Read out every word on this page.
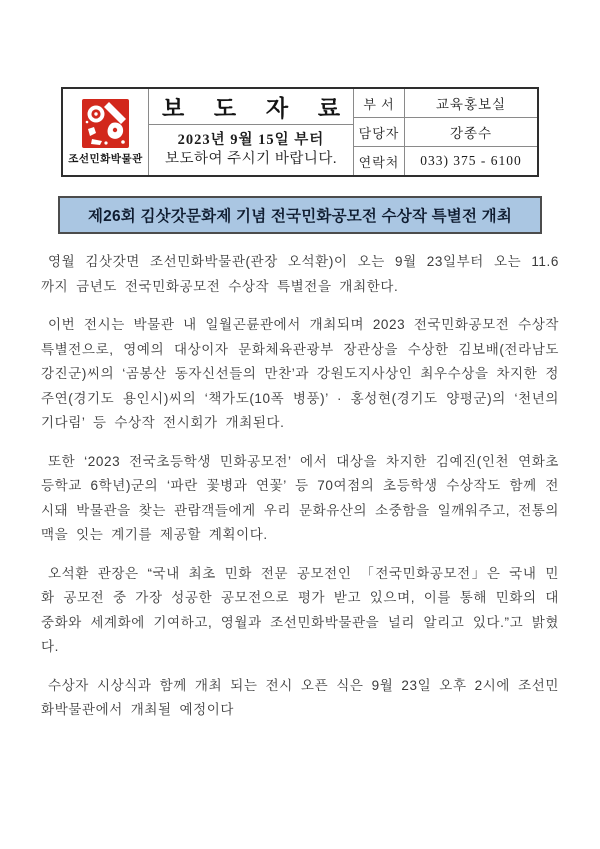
조선민화박물관
보 도 자 료
2023년 9월 15일 부터
보도하여 주시기 바랍니다.
부 서	교육홍보실
담당자	강종수
연락처	033) 375 - 6100
제26회 김삿갓문화제 기념 전국민화공모전 수상작 특별전 개최

영월 김삿갓면 조선민화박물관(관장 오석환)이 오는 9월 23일부터 오는 11.6 까지 금년도 전국민화공모전 수상작 특별전을 개최한다.

이번 전시는 박물관 내 일월곤륜관에서 개최되며 2023 전국민화공모전 수상작 특별전으로, 영예의 대상이자 문화체육관광부 장관상을 수상한 김보배(전라남도 강진군)씨의 ‘곰봉산 동자신선들의 만찬’과 강원도지사상인 최우수상을 차지한 정주연(경기도 용인시)씨의 ‘책가도(10폭 병풍)’ · 홍성현(경기도 양평군)의 ‘천년의 기다림’ 등 수상작 전시회가 개최된다.

또한 ‘2023 전국초등학생 민화공모전’ 에서 대상을 차지한 김예진(인천 연화초등학교 6학년)군의 ‘파란 꽃병과 연꽃’ 등 70여점의 초등학생 수상작도 함께 전시돼 박물관을 찾는 관람객들에게 우리 문화유산의 소중함을 일깨워주고, 전통의 맥을 잇는 계기를 제공할 계획이다.

오석환 관장은 “국내 최초 민화 전문 공모전인 「전국민화공모전」은 국내 민화 공모전 중 가장 성공한 공모전으로 평가 받고 있으며, 이를 통해 민화의 대중화와 세계화에 기여하고, 영월과 조선민화박물관을 널리 알리고 있다.”고 밝혔다.

수상자 시상식과 함께 개최 되는 전시 오픈 식은 9월 23일 오후 2시에 조선민화박물관에서 개최될 예정이다
